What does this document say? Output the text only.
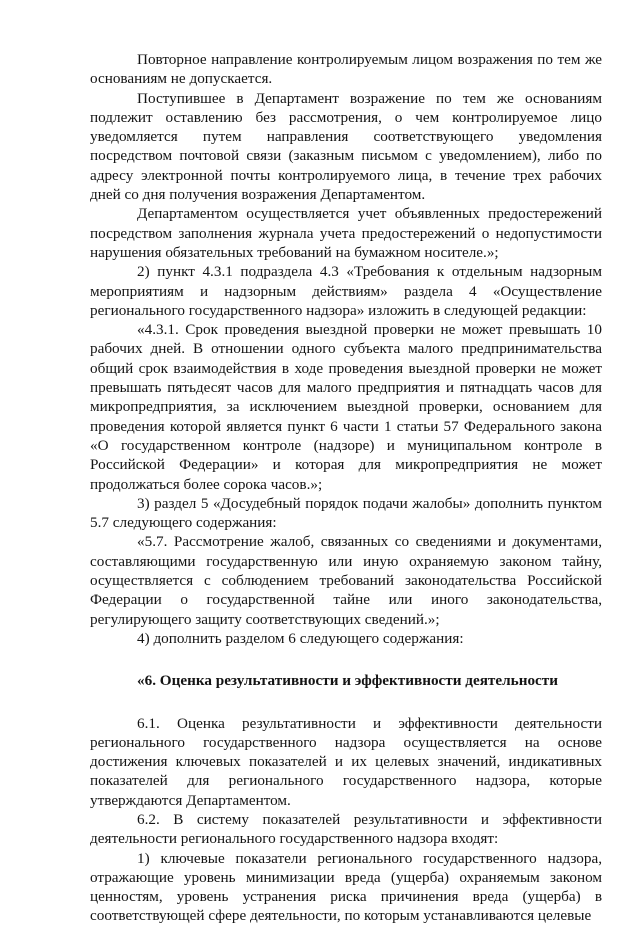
Повторное направление контролируемым лицом возражения по тем же основаниям не допускается.

Поступившее в Департамент возражение по тем же основаниям подлежит оставлению без рассмотрения, о чем контролируемое лицо уведомляется путем направления соответствующего уведомления посредством почтовой связи (заказным письмом с уведомлением), либо по адресу электронной почты контролируемого лица, в течение трех рабочих дней со дня получения возражения Департаментом.

Департаментом осуществляется учет объявленных предостережений посредством заполнения журнала учета предостережений о недопустимости нарушения обязательных требований на бумажном носителе.»;

2) пункт 4.3.1 подраздела 4.3 «Требования к отдельным надзорным мероприятиям и надзорным действиям» раздела 4 «Осуществление регионального государственного надзора» изложить в следующей редакции:

«4.3.1. Срок проведения выездной проверки не может превышать 10 рабочих дней. В отношении одного субъекта малого предпринимательства общий срок взаимодействия в ходе проведения выездной проверки не может превышать пятьдесят часов для малого предприятия и пятнадцать часов для микропредприятия, за исключением выездной проверки, основанием для проведения которой является пункт 6 части 1 статьи 57 Федерального закона «О государственном контроле (надзоре) и муниципальном контроле в Российской Федерации» и которая для микропредприятия не может продолжаться более сорока часов.»;

3) раздел 5 «Досудебный порядок подачи жалобы» дополнить пунктом 5.7 следующего содержания:

«5.7. Рассмотрение жалоб, связанных со сведениями и документами, составляющими государственную или иную охраняемую законом тайну, осуществляется с соблюдением требований законодательства Российской Федерации о государственной тайне или иного законодательства, регулирующего защиту соответствующих сведений.»;

4) дополнить разделом 6 следующего содержания:

«6. Оценка результативности и эффективности деятельности

6.1. Оценка результативности и эффективности деятельности регионального государственного надзора осуществляется на основе достижения ключевых показателей и их целевых значений, индикативных показателей для регионального государственного надзора, которые утверждаются Департаментом.

6.2. В систему показателей результативности и эффективности деятельности регионального государственного надзора входят:

1) ключевые показатели регионального государственного надзора, отражающие уровень минимизации вреда (ущерба) охраняемым законом ценностям, уровень устранения риска причинения вреда (ущерба) в соответствующей сфере деятельности, по которым устанавливаются целевые
